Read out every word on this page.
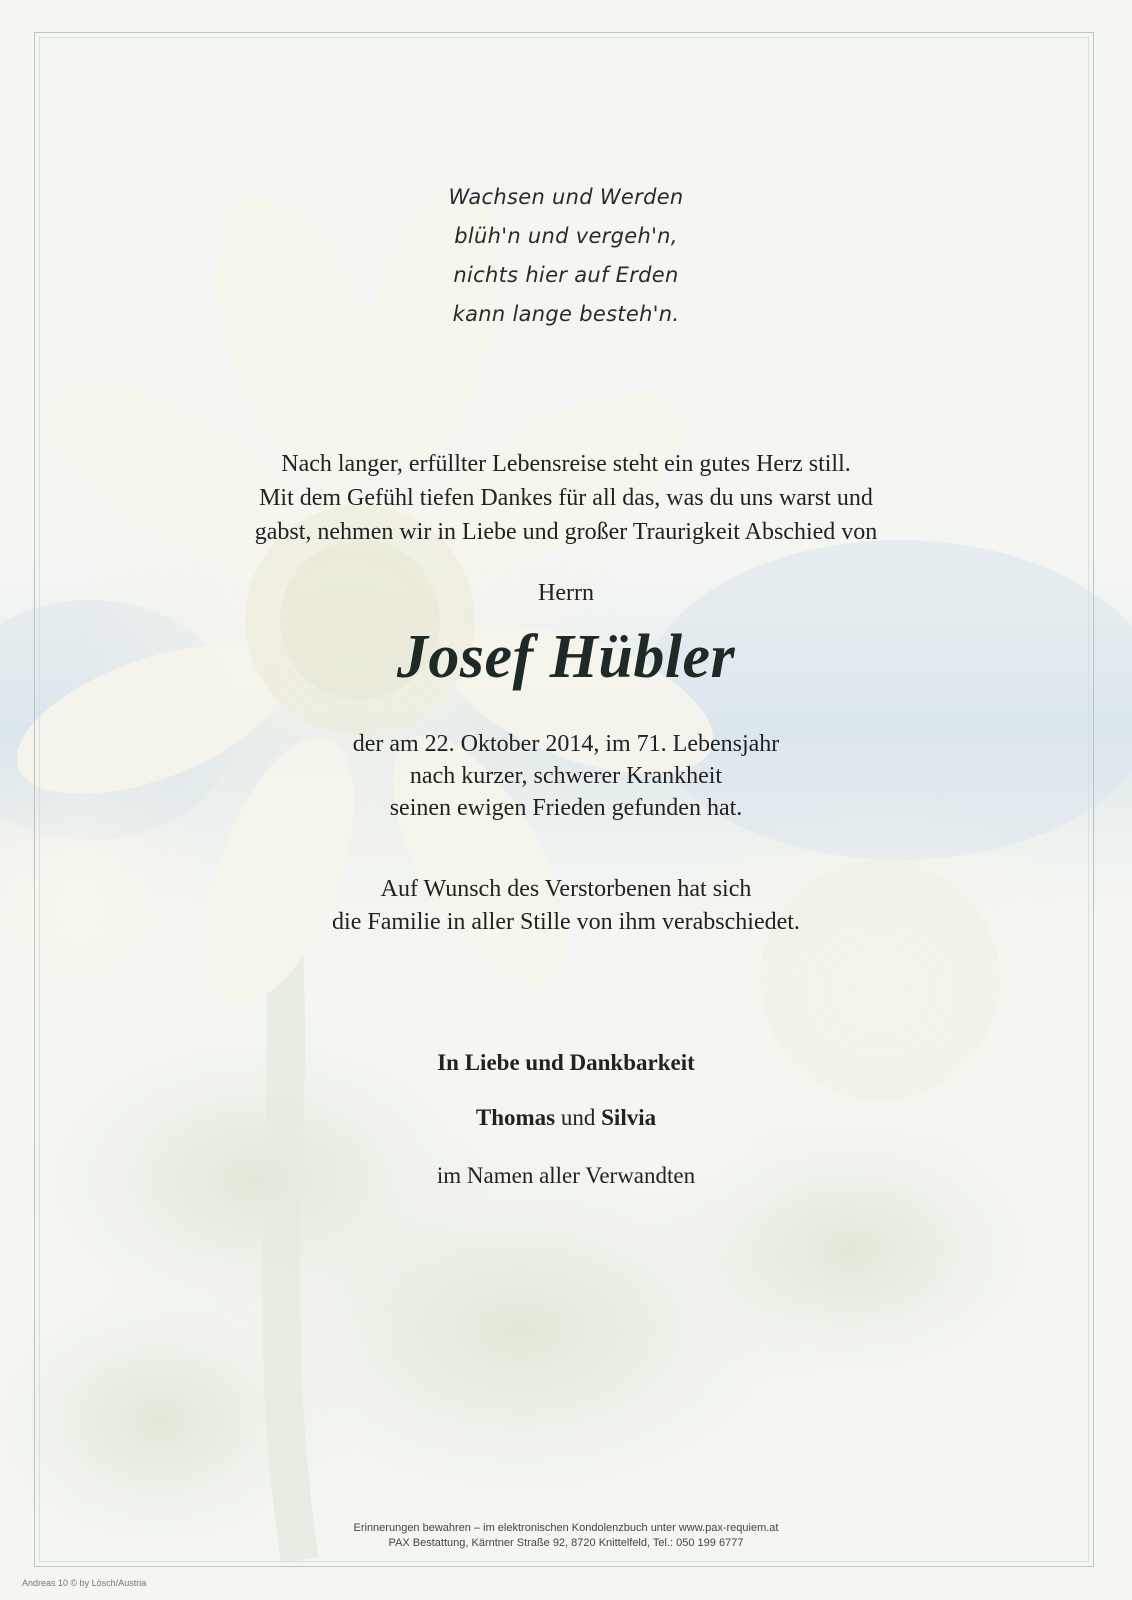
Wachsen und Werden
blüh'n und vergeh'n,
nichts hier auf Erden
kann lange besteh'n.
Nach langer, erfüllter Lebensreise steht ein gutes Herz still.
Mit dem Gefühl tiefen Dankes für all das, was du uns warst und
gabst, nehmen wir in Liebe und großer Traurigkeit Abschied von
Herrn
Josef Hübler
der am 22. Oktober 2014, im 71. Lebensjahr
nach kurzer, schwerer Krankheit
seinen ewigen Frieden gefunden hat.
Auf Wunsch des Verstorbenen hat sich
die Familie in aller Stille von ihm verabschiedet.
In Liebe und Dankbarkeit
Thomas und Silvia
im Namen aller Verwandten
Erinnerungen bewahren – im elektronischen Kondolenzbuch unter www.pax-requiem.at
PAX Bestattung, Kärntner Straße 92, 8720 Knittelfeld, Tel.: 050 199 6777
Andreas 10 © by Lösch/Austria
